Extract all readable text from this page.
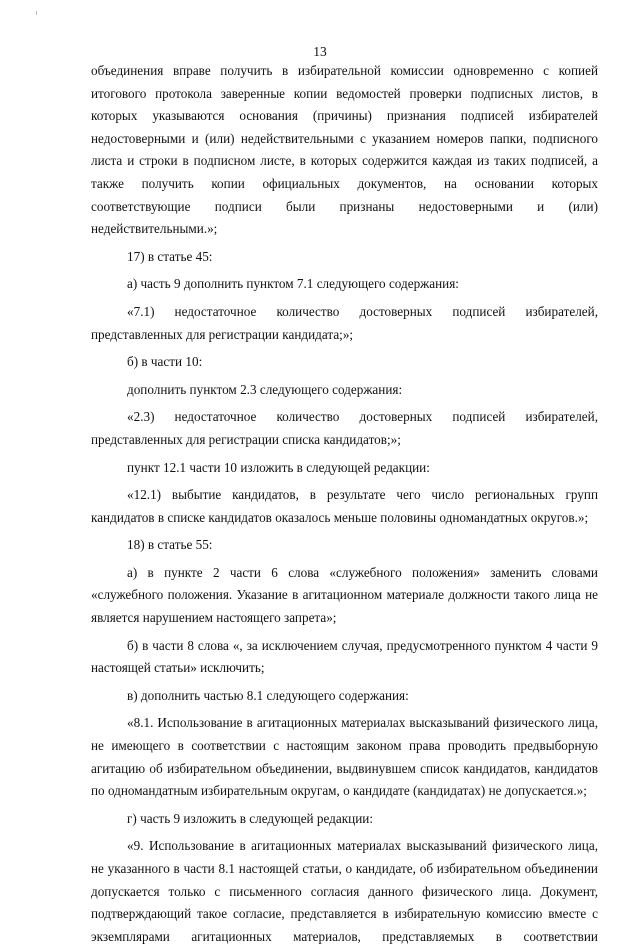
13

объединения вправе получить в избирательной комиссии одновременно с копией итогового протокола заверенные копии ведомостей проверки подписных листов, в которых указываются основания (причины) признания подписей избирателей недостоверными и (или) недействительными с указанием номеров папки, подписного листа и строки в подписном листе, в которых содержится каждая из таких подписей, а также получить копии официальных документов, на основании которых соответствующие подписи были признаны недостоверными и (или) недействительными.»;

17) в статье 45:

а) часть 9 дополнить пунктом 7.1 следующего содержания:

«7.1) недостаточное количество достоверных подписей избирателей, представленных для регистрации кандидата;»;

б) в части 10:

дополнить пунктом 2.3 следующего содержания:

«2.3) недостаточное количество достоверных подписей избирателей, представленных для регистрации списка кандидатов;»;

пункт 12.1 части 10 изложить в следующей редакции:

«12.1) выбытие кандидатов, в результате чего число региональных групп кандидатов в списке кандидатов оказалось меньше половины одномандатных округов.»;

18) в статье 55:

а) в пункте 2 части 6 слова «служебного положения» заменить словами «служебного положения. Указание в агитационном материале должности такого лица не является нарушением настоящего запрета»;

б) в части 8 слова «, за исключением случая, предусмотренного пунктом 4 части 9 настоящей статьи» исключить;

в) дополнить частью 8.1 следующего содержания:

«8.1. Использование в агитационных материалах высказываний физического лица, не имеющего в соответствии с настоящим законом права проводить предвыборную агитацию об избирательном объединении, выдвинувшем список кандидатов, кандидатов по одномандатным избирательным округам, о кандидате (кандидатах) не допускается.»;

г) часть 9 изложить в следующей редакции:

«9. Использование в агитационных материалах высказываний физического лица, не указанного в части 8.1 настоящей статьи, о кандидате, об избирательном объединении допускается только с письменного согласия данного физического лица. Документ, подтверждающий такое согласие, представляется в избирательную комиссию вместе с экземплярами агитационных материалов, представляемых в соответствии
